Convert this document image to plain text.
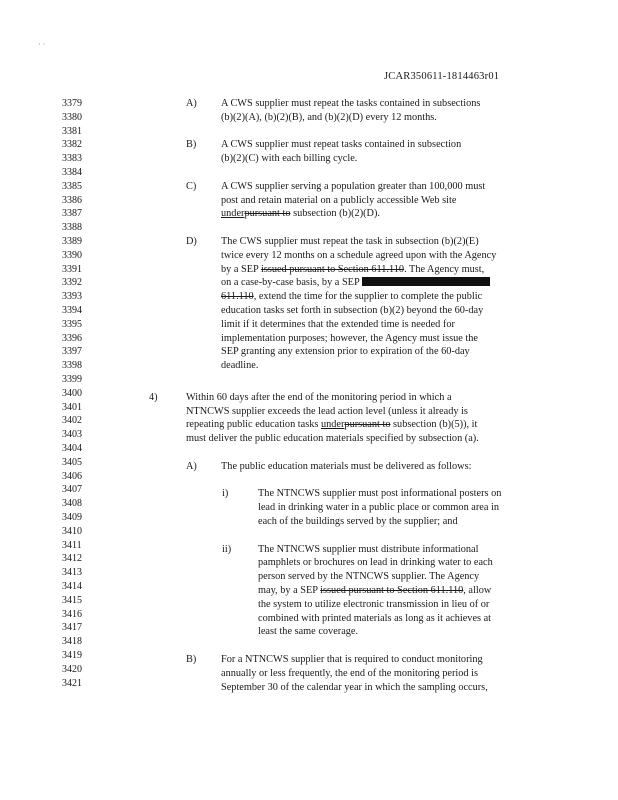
· ·
JCAR350611-1814463r01
3379
3380
3381
3382
3383
3384
3385
3386
3387
3388
3389
3390
3391
3392
3393
3394
3395
3396
3397
3398
3399
3400
3401
3402
3403
3404
3405
3406
3407
3408
3409
3410
3411
3412
3413
3414
3415
3416
3417
3418
3419
3420
3421
A) A CWS supplier must repeat the tasks contained in subsections
(b)(2)(A), (b)(2)(B), and (b)(2)(D) every 12 months.
B) A CWS supplier must repeat tasks contained in subsection
(b)(2)(C) with each billing cycle.
C) A CWS supplier serving a population greater than 100,000 must
post and retain material on a publicly accessible Web site
underpursuant to subsection (b)(2)(D).
D) The CWS supplier must repeat the task in subsection (b)(2)(E)
twice every 12 months on a schedule agreed upon with the Agency
by a SEP issued pursuant to Section 611.110. The Agency must,
on a case-by-case basis, by a SEP
611.110, extend the time for the supplier to complete the public
education tasks set forth in subsection (b)(2) beyond the 60-day
limit if it determines that the extended time is needed for
implementation purposes; however, the Agency must issue the
SEP granting any extension prior to expiration of the 60-day
deadline.
4)	Within 60 days after the end of the monitoring period in which a
NTNCWS supplier exceeds the lead action level (unless it already is
repeating public education tasks underpursuant to subsection (b)(5)), it
must deliver the public education materials specified by subsection (a).
A) The public education materials must be delivered as follows:
i)	The NTNCWS supplier must post informational posters on
lead in drinking water in a public place or common area in
each of the buildings served by the supplier; and
ii)	The NTNCWS supplier must distribute informational
pamphlets or brochures on lead in drinking water to each
person served by the NTNCWS supplier. The Agency
may, by a SEP issued pursuant to Section 611.110, allow
the system to utilize electronic transmission in lieu of or
combined with printed materials as long as it achieves at
least the same coverage.
B) For a NTNCWS supplier that is required to conduct monitoring
annually or less frequently, the end of the monitoring period is
September 30 of the calendar year in which the sampling occurs,
